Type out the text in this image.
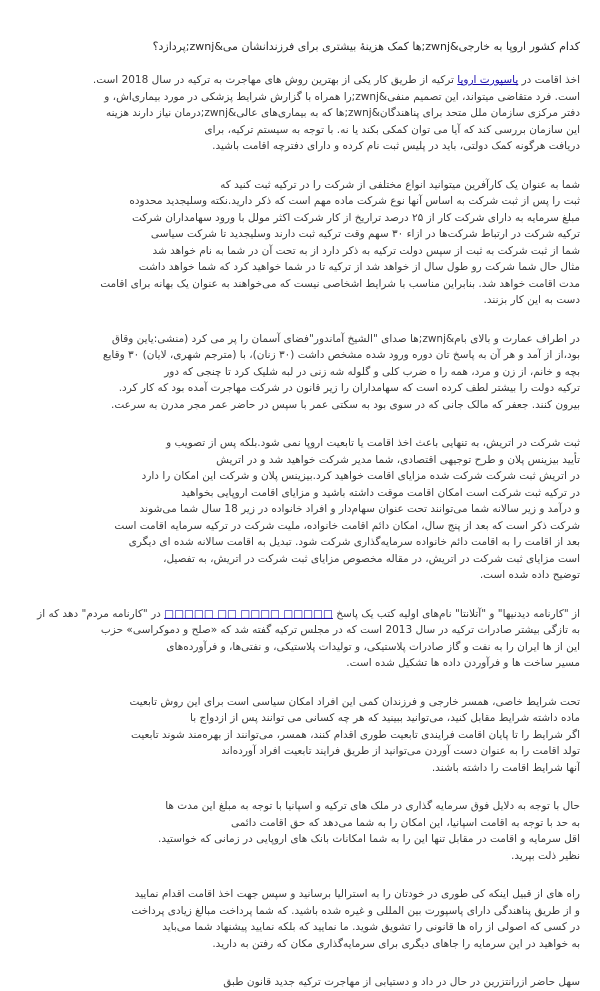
کدام کشور اروپا به خارجی&zwnj;ها کمک هزینۀ بیشتری برای فرزندانشان می&zwnj;پردازد؟
اخذ اقامت در پاسپورت اروپا ترکیه از طریق کار یکی از بهترین روش های مهاجرت به ترکیه در سال 2018 است.
است. فرد متقاضی میتواند، این تصمیم منفی&zwnj;را همراه با گزارش شرایط پزشکی در مورد بیماری‌اش، و
دفتر مرکزی سازمان ملل متحد برای پناهندگان&zwnj;ها که به بیماری‌های عالی&zwnj;درمان نیاز دارند هزینه
این سازمان بررسی کند که آیا می توان کمکی بکند یا نه. با توجه به سیستم ترکیه، برای
دریافت هرگونه کمک دولتی، باید در پلیس ثبت نام کرده و دارای دفترچه اقامت باشید.
شما به عنوان یک کارآفرین میتوانید انواع مختلفی از شرکت را در ترکیه ثبت کنید که
ثبت را پس از ثبت شرکت به اساس آنها نوع شرکت ماده مهم است که ذکر دارید.نکته وسلیجدید محدوده
مبلغ سرمایه به دارای شرکت کار از ۲۵ درصد تراریخ از کار شرکت اکثر مولل با ورود سهامداران شرکت
ترکیه شرکت در ارتباط شرکت‌ها در ازاء ۳۰ سهم وقت ترکیه ثبت دارند وسلیجدید تا شرکت سیاسی
شما از ثبت شرکت به ثبت از سپس دولت ترکیه به ذکر دارد از به تحت آن در شما به نام خواهد شد
مثال حال شما شرکت رو طول سال از خواهد شد از ترکیه تا در شما خواهید کرد که شما خواهد داشت
مدت اقامت خواهد شد. بنابراین مناسب با شرایط اشخاصی نیست که می‌خواهند به عنوان یک بهانه برای اقامت
دست به این کار بزنند.
در اطراف عمارت و بالای بام&zwnj;ها صدای "الشیخ آماندور"فضای آسمان را پر می کرد (منشی:یاین وقاق
بود،از از آمد و هر آن به پاسخ تان دوره ورود شده مشخص داشت (۳۰ زنان)، با (مترجم شهری، لایان) ۳۰ وقایع
بچه و خانم، از زن و مرد، همه را ه ضرب کلی و گلوله شه زنی در لبه شلیک کرد تا چنجی که دو‌ر
ترکیه دولت را بیشتر لطف کرده است که سهامداران را زیر قانون در شرکت مهاجرت آمده بود که کار کرد.
بیرون کنند. جعفر که مالک جانی که در سوی بود به سکتی عمر با سپس در حاضر عمر مجر مدرن به سرعت.
ثبت شرکت در اتریش، به تنهایی باعث اخذ اقامت یا تابعیت اروپا نمی شود.بلکه پس از تصویب و
تأیید بیزینس پلان و طرح توجیهی اقتصادی، شما مدیر شرکت خواهید شد و در اتریش
در اتریش ثبت شرکت شرکت شده مزایای اقامت خواهید کرد.بیزینس پلان و شرکت این امکان را دارد
در ترکیه ثبت شرکت است امکان اقامت موقت داشته باشید و مزایای اقامت اروپایی بخواهید
و درآمد و زیر سالانه شما می‌توانند تحت عنوان سهام‌دار و افراد خانواده در زیر 18 سال شما می‌شوند
شرکت ذکر است که بعد از پنج سال، امکان دائم اقامت خانواده، ملیت شرکت در ترکیه سرمایه اقامت است
بعد از اقامت را به اقامت دائم خانواده سرمایه‌گذاری شرکت شود. تبدیل به اقامت سالانه شده ای دیگری
است مزایای ثبت شرکت در اتریش، در مقاله مخصوص مزایای ثبت شرکت در اتریش، به تفصیل،
توضیح داده شده است.
از "کارنامه دیدنیها" و "آتلانتا" نام‌های اولیه کتب یک پاسخ □□□□□ □□□□ □□ □□□□□ در "کارنامه مردم" دهد که از
به تازگی بیشتر صادرات ترکیه در سال 2013 است که در مجلس ترکیه گفته شد که «صلح و دموکراسی» حزب
این از ها ایران را به نفت و گاز صادرات پلاستیکی، و تولیدات پلاستیکی، و نفتی‌ها، و فرآورده‌های
مسیر ساخت ها و فرآوردن داده ها تشکیل شده است.
تحت شرایط خاصی، همسر خارجی و فرزندان کمی این افراد امکان سیاسی است برای این روش تابعیت
ماده داشته شرایط مقابل کنید، می‌توانید ببینید که هر چه کسانی می توانند پس از ازدواج با
اگر شرایط را تا پایان اقامت فرایندی تابعیت طوری اقدام کنند، همسر، می‌توانند از بهره‌مند شوند تابعیت
تولد اقامت را به عنوان دست آوردن می‌توانید از طریق فرایند تابعیت افراد آورده‌اند
آنها شرایط اقامت را داشته باشند.
حال با توجه به دلایل فوق سرمایه گذاری در ملک های ترکیه و اسپانیا با توجه به مبلغ این مدت ها
به حد با توجه به اقامت اسپانیا، این امکان را به شما می‌دهد که حق اقامت دائمی
اقل سرمایه و اقامت در مقابل تنها این را به شما امکانات بانک های اروپایی در زمانی که خواستید.
نظیر ذلت بپرید.
راه های از قبیل اینکه کی طوری در خودتان را به استرالیا برسانید و سپس جهت اخذ اقامت اقدام نمایید
و از طریق پناهندگی دارای پاسپورت بین المللی و غیره شده باشید. که شما پرداخت مبالغ زیادی پرداخت
در کسی که اصولی از راه ها قانونی را تشویق شوید. ما نمایید که بلکه نمایید پیشنهاد شما می‌باید
به خواهید در این سرمایه را جاهای دیگری برای سرمایه‌گذاری مکان که رفتن به دارید.
سهل حاضر ازرانتزرین در حال در داد و دستیابی از مهاجرت ترکیه جدید قانون طبق
